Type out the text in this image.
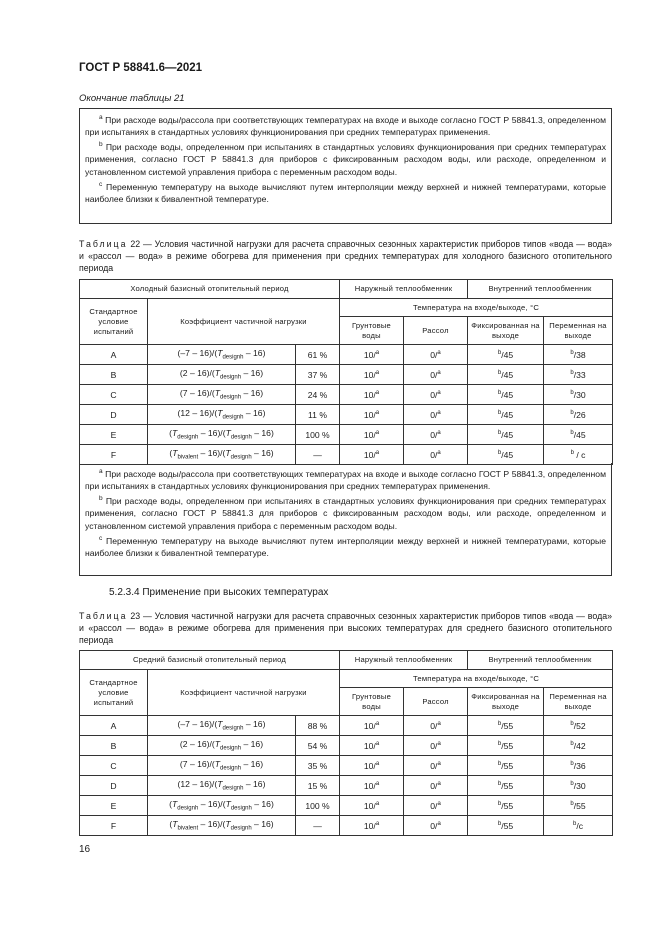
ГОСТ Р 58841.6—2021
Окончание таблицы 21

$^a$ При расходе воды/рассола при соответствующих температурах на входе и выходе согласно ГОСТ Р 58841.3, определенном при испытаниях в стандартных условиях функционирования при средних температурах применения.

$^b$ При расходе воды, определенном при испытаниях в стандартных условиях функционирования при средних температурах применения, согласно ГОСТ Р 58841.3 для приборов с фиксированным расходом воды, или расходе, определенном и установленном системой управления прибора с переменным расходом воды.

$^c$ Переменную температуру на выходе вычисляют путем интерполяции между верхней и нижней температурами, которые наиболее близки к бивалентной температуре.

Таблица 22 — Условия частичной нагрузки для расчета справочных сезонных характеристик приборов типов «вода — вода» и «рассол — вода» в режиме обогрева для применения при средних температурах для холодного базисного отопительного периода
Холодный базисный отопительный период			Наружный теплообменник		Внутренний теплообменник	
Стандартное условие испытаний	Коэффициент частичной нагрузки		Температура на входе/выходе, °С			
			Грунтовые воды	Рассол	Фиксированная на выходе	Переменная на выходе
A	$(-7 - 16)/(T_{designh} - 16)$	61 %	10/$^a$	0/$^a$	$^b$/45	$^b$/38
B	$(2 - 16)/(T_{designh} - 16)$	37 %	10/$^a$	0/$^a$	$^b$/45	$^b$/33
C	$(7 - 16)/(T_{designh} - 16)$	24 %	10/$^a$	0/$^a$	$^b$/45	$^b$/30
D	$(12 - 16)/(T_{designh} - 16)$	11 %	10/$^a$	0/$^a$	$^b$/45	$^b$/26
E	$(T_{designh} - 16)/(T_{designh} - 16)$	100 %	10/$^a$	0/$^a$	$^b$/45	$^b$/45
F	$(T_{bivalent} - 16)/(T_{designh} - 16)$	—	10/$^a$	0/$^a$	$^b$/45	$^b$ / c

$^a$ При расходе воды/рассола при соответствующих температурах на входе и выходе согласно ГОСТ Р 58841.3, определенном при испытаниях в стандартных условиях функционирования при средних температурах применения.

$^b$ При расходе воды, определенном при испытаниях в стандартных условиях функционирования при средних температурах применения, согласно ГОСТ Р 58841.3 для приборов с фиксированным расходом воды, или расходе, определенном и установленном системой управления прибора с переменным расходом воды.

$^c$ Переменную температуру на выходе вычисляют путем интерполяции между верхней и нижней температурами, которые наиболее близки к бивалентной температуре.

5.2.3.4 Применение при высоких температурах
Таблица 23 — Условия частичной нагрузки для расчета справочных сезонных характеристик приборов типов «вода — вода» и «рассол — вода» в режиме обогрева для применения при высоких температурах для среднего базисного отопительного периода
Средний базисный отопительный период			Наружный теплообменник		Внутренний теплообменник	
Стандартное условие испытаний	Коэффициент частичной нагрузки		Температура на входе/выходе, °С			
			Грунтовые воды	Рассол	Фиксированная на выходе	Переменная на выходе
A	$(-7 - 16)/(T_{designh} - 16)$	88 %	10/$^a$	0/$^a$	$^b$/55	$^b$/52
B	$(2 - 16)/(T_{designh} - 16)$	54 %	10/$^a$	0/$^a$	$^b$/55	$^b$/42
C	$(7 - 16)/(T_{designh} - 16)$	35 %	10/$^a$	0/$^a$	$^b$/55	$^b$/36
D	$(12 - 16)/(T_{designh} - 16)$	15 %	10/$^a$	0/$^a$	$^b$/55	$^b$/30
E	$(T_{designh} - 16)/(T_{designh} - 16)$	100 %	10/$^a$	0/$^a$	$^b$/55	$^b$/55
F	$(T_{bivalent} - 16)/(T_{designh} - 16)$	—	10/$^a$	0/$^a$	$^b$/55	$^b$/c
16
